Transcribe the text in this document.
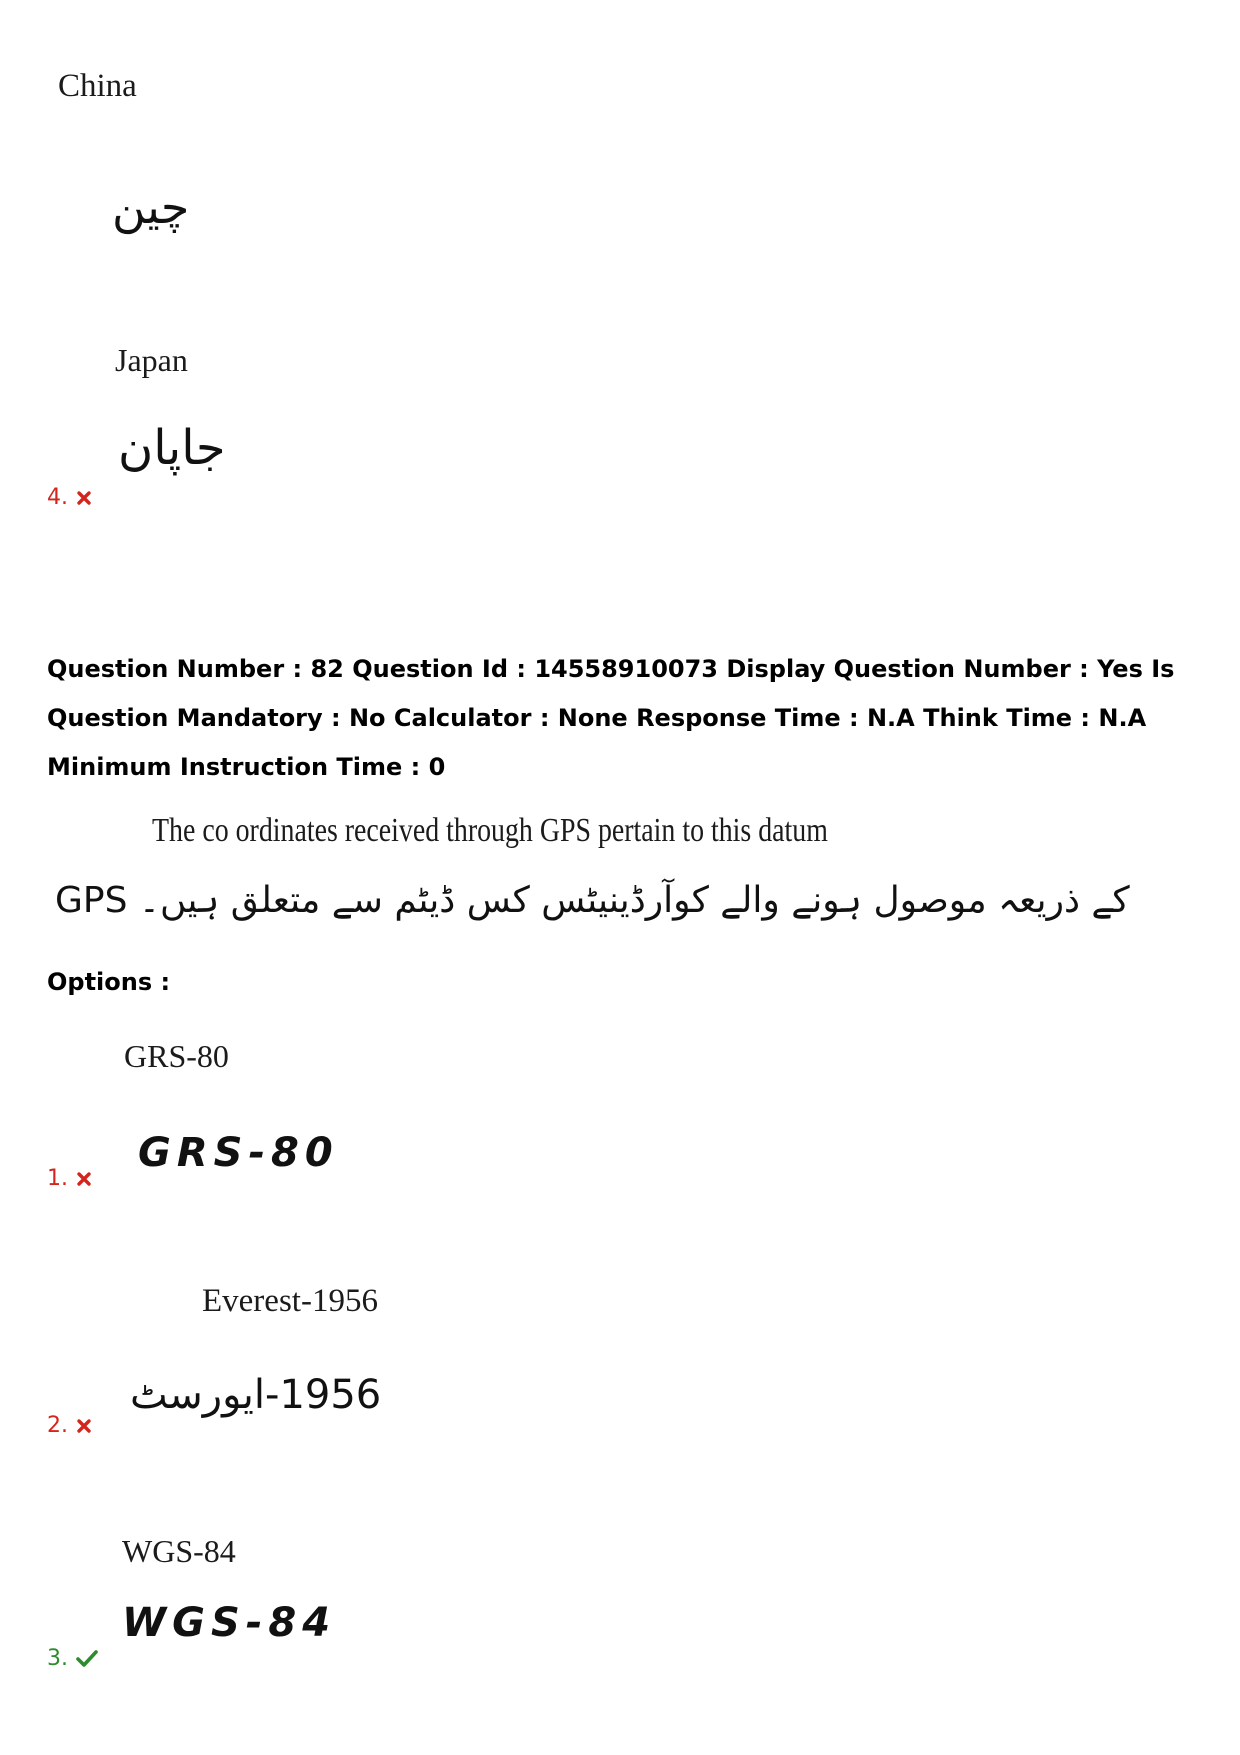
China
چین
Japan
جاپان
4.
Question Number : 82 Question Id : 14558910073 Display Question Number : Yes Is Question Mandatory : No Calculator : None Response Time : N.A Think Time : N.A Minimum Instruction Time : 0
The co ordinates received through GPS pertain to this datum
GPS کے ذریعہ موصول ہونے والے کوآرڈینیٹس کس ڈیٹم سے متعلق ہیں۔
Options :
GRS-80
GRS-80
1.
Everest-1956
1956-ایورسٹ
2.
WGS-84
WGS-84
3.
